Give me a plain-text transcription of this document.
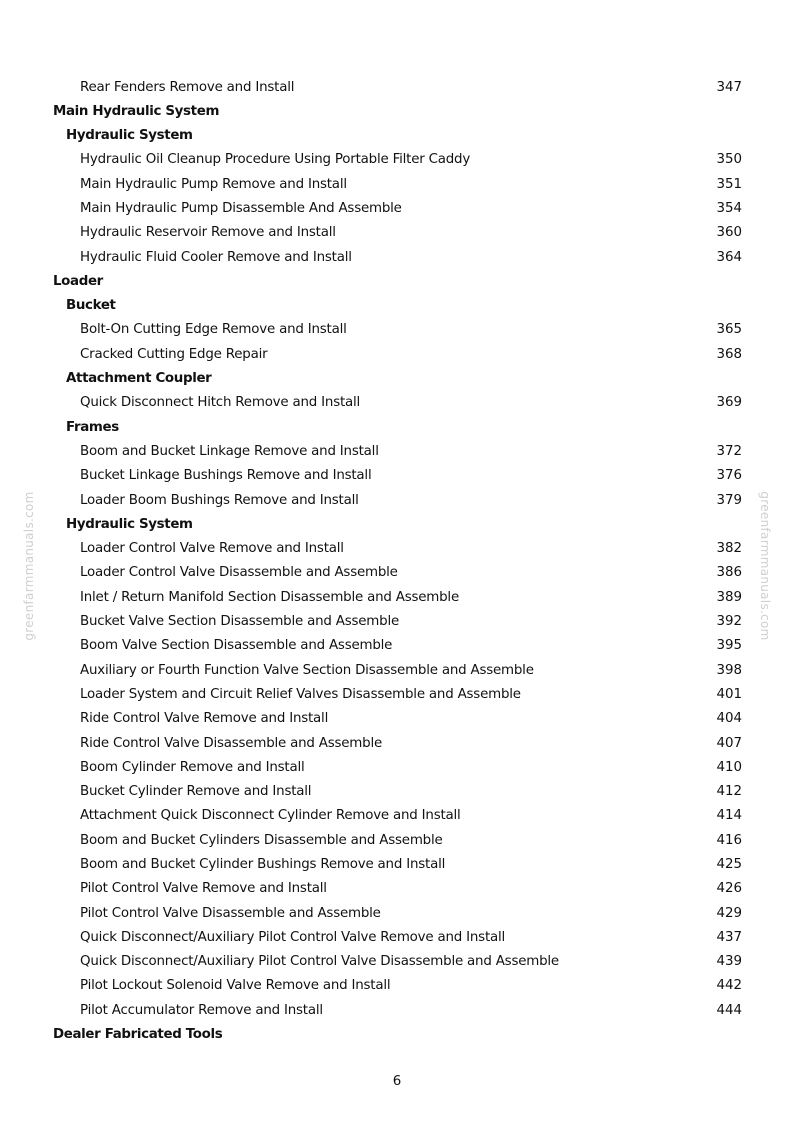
Rear Fenders Remove and Install	347
Main Hydraulic System
Hydraulic System
Hydraulic Oil Cleanup Procedure Using Portable Filter Caddy	350
Main Hydraulic Pump Remove and Install	351
Main Hydraulic Pump Disassemble And Assemble	354
Hydraulic Reservoir Remove and Install	360
Hydraulic Fluid Cooler Remove and Install	364
Loader
Bucket
Bolt-On Cutting Edge Remove and Install	365
Cracked Cutting Edge Repair	368
Attachment Coupler
Quick Disconnect Hitch Remove and Install	369
Frames
Boom and Bucket Linkage Remove and Install	372
Bucket Linkage Bushings Remove and Install	376
Loader Boom Bushings Remove and Install	379
Hydraulic System
Loader Control Valve Remove and Install	382
Loader Control Valve Disassemble and Assemble	386
Inlet / Return Manifold Section Disassemble and Assemble	389
Bucket Valve Section Disassemble and Assemble	392
Boom Valve Section Disassemble and Assemble	395
Auxiliary or Fourth Function Valve Section Disassemble and Assemble	398
Loader System and Circuit Relief Valves Disassemble and Assemble	401
Ride Control Valve Remove and Install	404
Ride Control Valve Disassemble and Assemble	407
Boom Cylinder Remove and Install	410
Bucket Cylinder Remove and Install	412
Attachment Quick Disconnect Cylinder Remove and Install	414
Boom and Bucket Cylinders Disassemble and Assemble	416
Boom and Bucket Cylinder Bushings Remove and Install	425
Pilot Control Valve Remove and Install	426
Pilot Control Valve Disassemble and Assemble	429
Quick Disconnect/Auxiliary Pilot Control Valve Remove and Install	437
Quick Disconnect/Auxiliary Pilot Control Valve Disassemble and Assemble	439
Pilot Lockout Solenoid Valve Remove and Install	442
Pilot Accumulator Remove and Install	444
Dealer Fabricated Tools
greenfarmmanuals.com	greenfarmmanuals.com
6
